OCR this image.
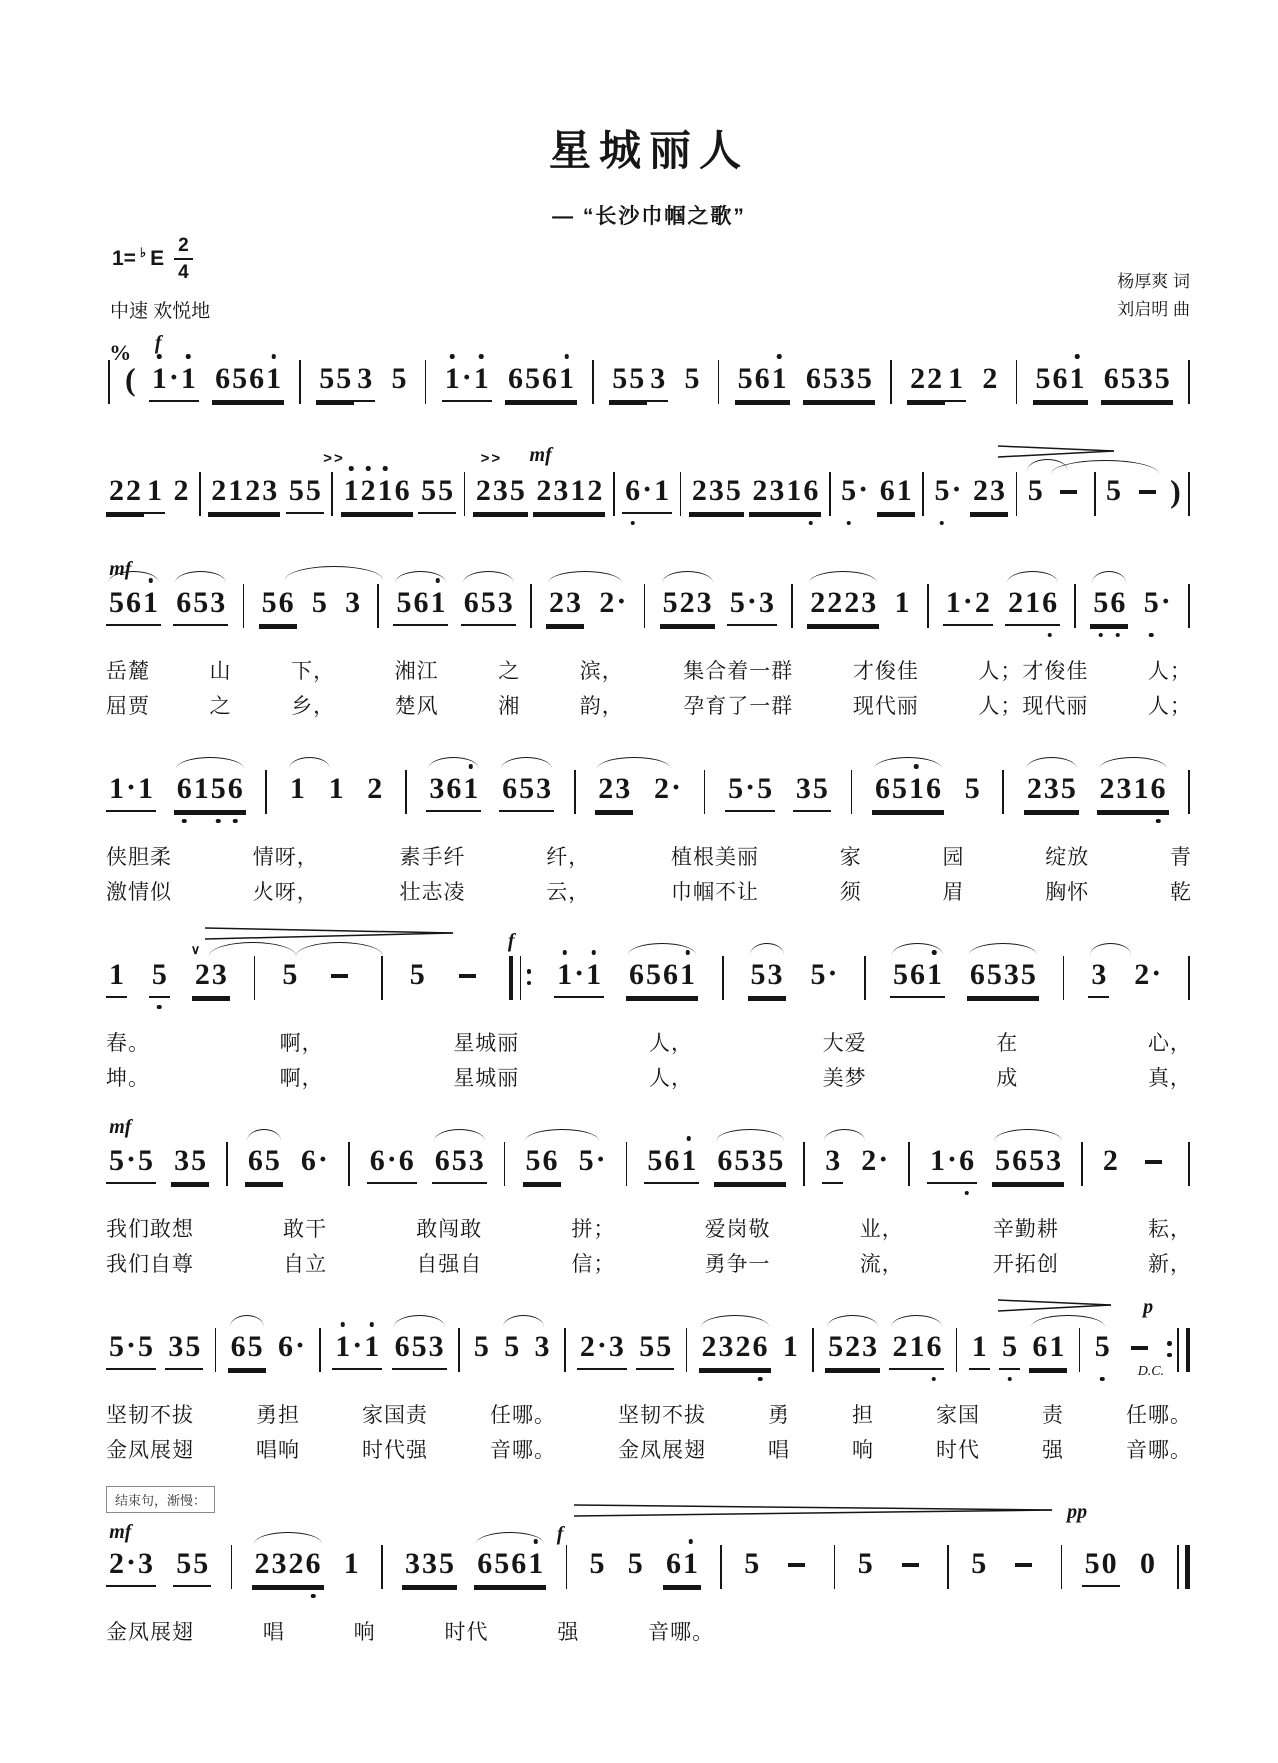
星城丽人
— “长沙巾帼之歌”
1= ♭ E $\frac{2}{4}$
中速 欢悦地
杨厚爽 词
刘启明 曲
% f
( 1 · 1 6 5 6 1 5 5 3 5 1 · 1 6 5 6 1 5 5 3 5 5 6 1 6 5 3 5 2 2 1 2 5 6 1 6 5 3 5
>>	>> mf
2 2 1 2 2 1 2 3 5 5 1 2 1 6 5 5 2 3 5 2 3 1 2 6 · 1 2 3 5 2 3 1 6 5 · 6 1 5 · 2 3 5 5 )
mf
5 6 1 6 5 3 5 6 5 3 5 6 1 6 5 3 2 3 2 · 5 2 3 5 · 3 2 2 2 3 1 1 · 2 2 1 6 5 6 5 ·
岳麓	山	下，	湘江	之	滨，	集合着一群	才俊佳	人；才俊佳	人；
屈贾	之	乡，	楚风	湘	韵，	孕育了一群	现代丽	人；现代丽	人；
1 · 1 6 1 5 6 1 1 2 3 6 1 6 5 3 2 3 2 · 5 · 5 3 5 6 5 1 6 5 2 3 5 2 3 1 6
侠胆柔	情呀，	素手纤	纤，	植根美丽	家	园	绽放	青
激情似	火呀，	壮志凌	云，	巾帼不让	须	眉	胸怀	乾
∨	f
1 5 2 3 5	5	1 · 1 6 5 6 1 5 3 5 · 5 6 1 6 5 3 5 3 2 ·
春。	啊，	星城丽	人，	大爱	在	心，
坤。	啊，	星城丽	人，	美梦	成	真，
mf
5 · 5 3 5 6 5 6 · 6 · 6 6 5 3 5 6 5 · 5 6 1 6 5 3 5 3 2 · 1 · 6 5 6 5 3 2
我们敢想	敢干	敢闯敢	拼；	爱岗敬	业，	辛勤耕	耘，
我们自尊	自立	自强自	信；	勇争一	流，	开拓创	新，
p
D.C.
5 · 5 3 5 6 5 6 · 1 · 1 6 5 3 5 5 3 2 · 3 5 5 2 3 2 6 1 5 2 3 2 1 6 1 5 6 1 5
坚韧不拔	勇担	家国责	任哪。	坚韧不拔	勇	担	家国	责	任哪。
金凤展翅	唱响	时代强	音哪。	金凤展翅	唱	响	时代	强	音哪。
结束句，渐慢：
mf
pp
f
2 · 3 5 5 2 3 2 6 1 3 3 5 6 5 6 1 5 5 6 1 5	5	5	5 0 0
金凤展翅	唱	响	时代	强	音哪。
